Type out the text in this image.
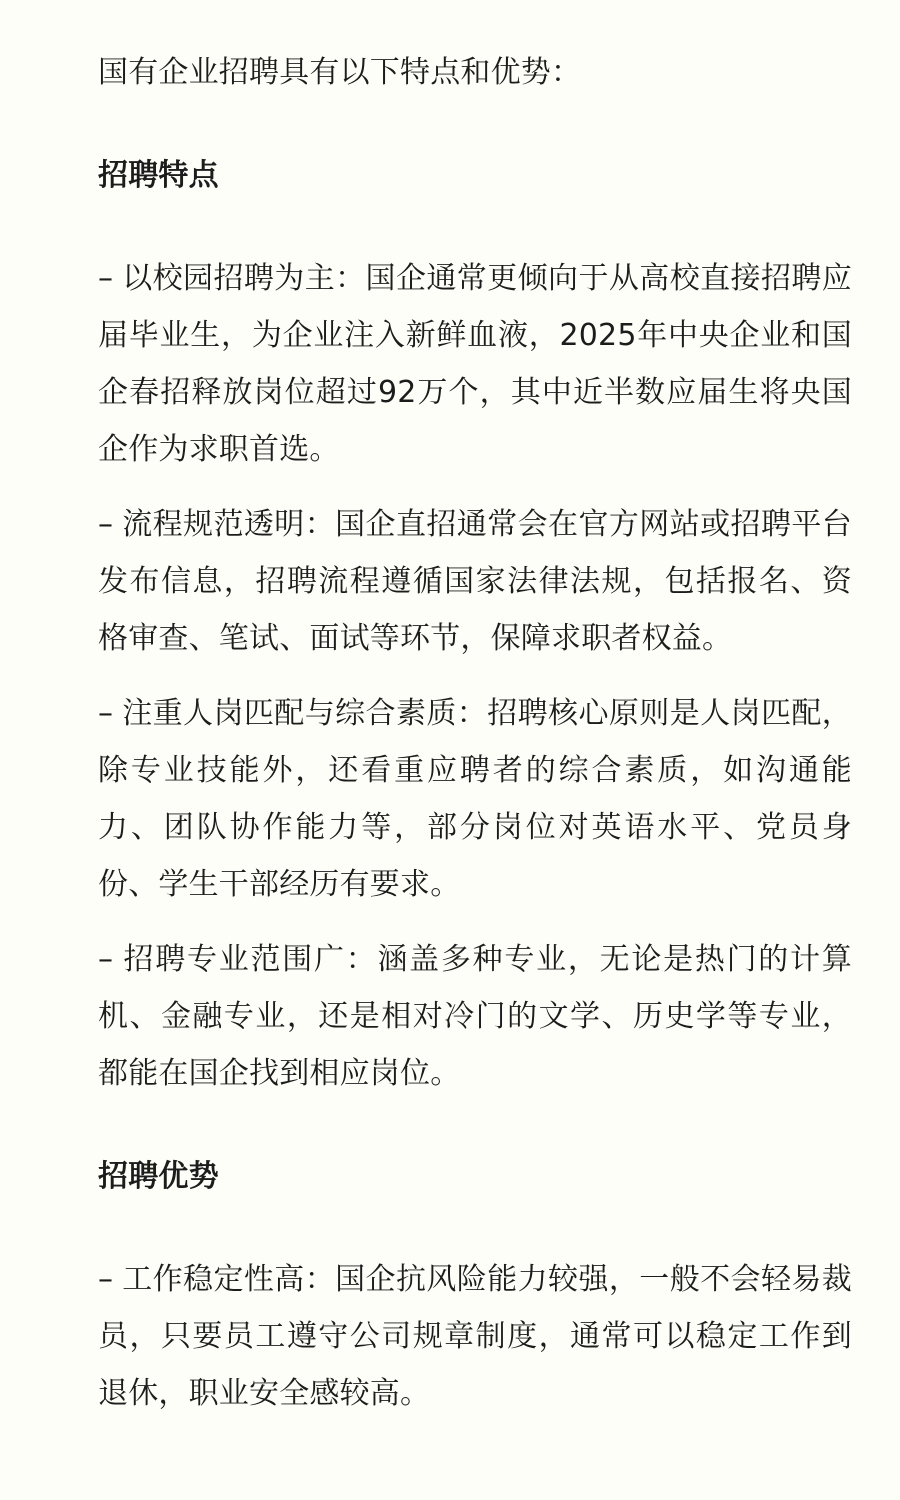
国有企业招聘具有以下特点和优势：

招聘特点

– 以校园招聘为主：国企通常更倾向于从高校直接招聘应届毕业生，为企业注入新鲜血液，2025年中央企业和国企春招释放岗位超过92万个，其中近半数应届生将央国企作为求职首选。

– 流程规范透明：国企直招通常会在官方网站或招聘平台发布信息，招聘流程遵循国家法律法规，包括报名、资格审查、笔试、面试等环节，保障求职者权益。

– 注重人岗匹配与综合素质：招聘核心原则是人岗匹配，除专业技能外，还看重应聘者的综合素质，如沟通能力、团队协作能力等，部分岗位对英语水平、党员身份、学生干部经历有要求。

– 招聘专业范围广：涵盖多种专业，无论是热门的计算机、金融专业，还是相对冷门的文学、历史学等专业，都能在国企找到相应岗位。

招聘优势

– 工作稳定性高：国企抗风险能力较强，一般不会轻易裁员，只要员工遵守公司规章制度，通常可以稳定工作到退休，职业安全感较高。
